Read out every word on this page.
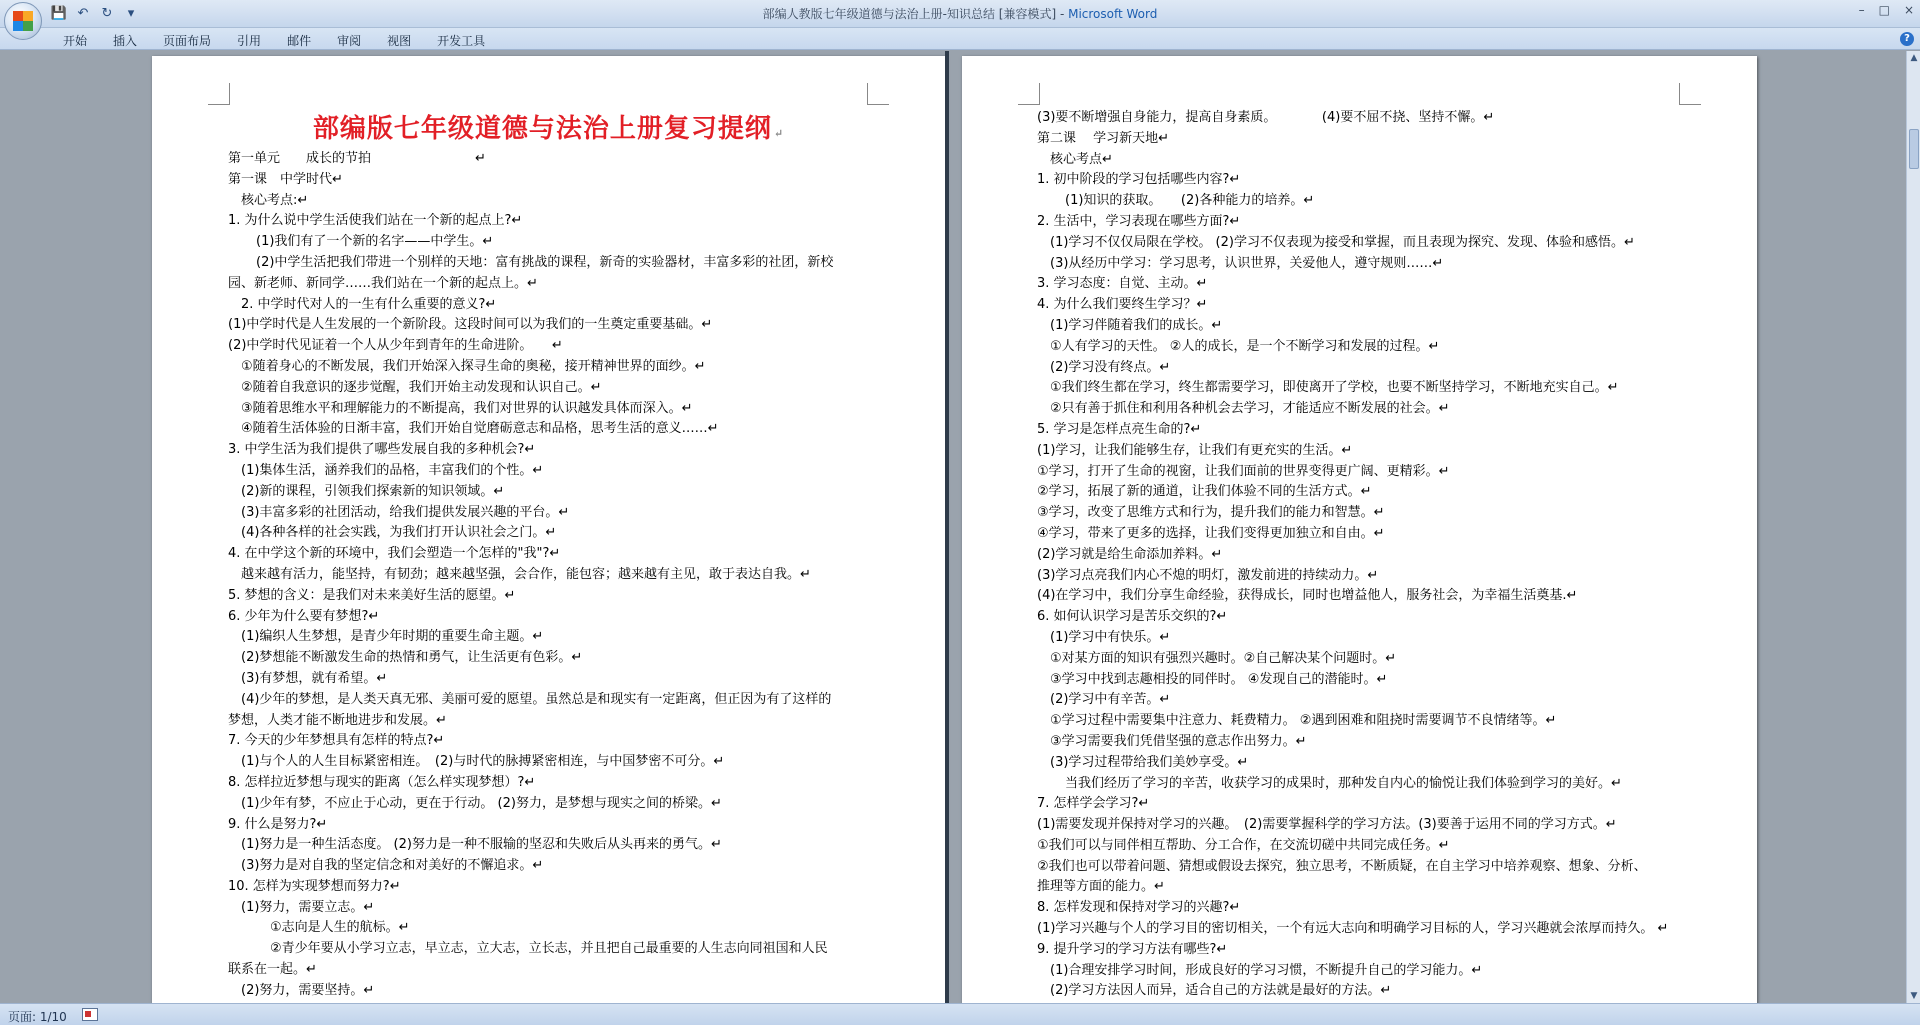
💾 ↶ ↻	▾	部编人教版七年级道德与法治上册-知识总结 [兼容模式] - Microsoft Word	– □ ×
开始	插入	页面布局	引用	邮件	审阅	视图	开发工具	?
部编版七年级道德与法治上册复习提纲 ↵
第一单元　　成长的节拍　　　　　　　　↵
第一课　中学时代↵
核心考点:↵
1. 为什么说中学生活使我们站在一个新的起点上?↵
(1)我们有了一个新的名字——中学生。↵
(2)中学生活把我们带进一个别样的天地：富有挑战的课程，新奇的实验器材，丰富多彩的社团，新校
园、新老师、新同学……我们站在一个新的起点上。↵
2. 中学时代对人的一生有什么重要的意义?↵
(1)中学时代是人生发展的一个新阶段。这段时间可以为我们的一生奠定重要基础。↵
(2)中学时代见证着一个人从少年到青年的生命进阶。　　↵
①随着身心的不断发展，我们开始深入探寻生命的奥秘，接开精神世界的面纱。↵
②随着自我意识的逐步觉醒，我们开始主动发现和认识自己。↵
③随着思维水平和理解能力的不断提高，我们对世界的认识越发具体而深入。↵
④随着生活体验的日渐丰富，我们开始自觉磨砺意志和品格，思考生活的意义……↵
3. 中学生活为我们提供了哪些发展自我的多种机会?↵
(1)集体生活，涵养我们的品格，丰富我们的个性。↵
(2)新的课程，引领我们探索新的知识领域。↵
(3)丰富多彩的社团活动，给我们提供发展兴趣的平台。↵
(4)各种各样的社会实践，为我们打开认识社会之门。↵
4. 在中学这个新的环境中，我们会塑造一个怎样的"我"?↵
越来越有活力，能坚持，有韧劲；越来越坚强，会合作，能包容；越来越有主见，敢于表达自我。↵
5. 梦想的含义：是我们对未来美好生活的愿望。↵
6. 少年为什么要有梦想?↵
(1)编织人生梦想，是青少年时期的重要生命主题。↵
(2)梦想能不断激发生命的热情和勇气，让生活更有色彩。↵
(3)有梦想，就有希望。↵
(4)少年的梦想，是人类天真无邪、美丽可爱的愿望。虽然总是和现实有一定距离，但正因为有了这样的
梦想，人类才能不断地进步和发展。↵
7. 今天的少年梦想具有怎样的特点?↵
(1)与个人的人生目标紧密相连。　(2)与时代的脉搏紧密相连，与中国梦密不可分。↵
8. 怎样拉近梦想与现实的距离（怎么样实现梦想）?↵
(1)少年有梦，不应止于心动，更在于行动。 (2)努力，是梦想与现实之间的桥梁。↵
9. 什么是努力?↵
(1)努力是一种生活态度。 (2)努力是一种不服输的坚忍和失败后从头再来的勇气。↵
(3)努力是对自我的坚定信念和对美好的不懈追求。↵
10. 怎样为实现梦想而努力?↵
(1)努力，需要立志。↵
①志向是人生的航标。↵
②青少年要从小学习立志，早立志，立大志，立长志，并且把自己最重要的人生志向同祖国和人民
联系在一起。↵
(2)努力，需要坚持。↵
(3)要不断增强自身能力，提高自身素质。　　　　(4)要不屈不挠、坚持不懈。↵
第二课　 学习新天地↵
核心考点↵
1. 初中阶段的学习包括哪些内容?↵
(1)知识的获取。　　(2)各种能力的培养。↵
2. 生活中，学习表现在哪些方面?↵
(1)学习不仅仅局限在学校。 (2)学习不仅表现为接受和掌握，而且表现为探究、发现、体验和感悟。↵
(3)从经历中学习：学习思考，认识世界，关爱他人，遵守规则……↵
3. 学习态度：自觉、主动。↵
4. 为什么我们要终生学习？↵
(1)学习伴随着我们的成长。↵
①人有学习的天性。 ②人的成长，是一个不断学习和发展的过程。↵
(2)学习没有终点。↵
①我们终生都在学习，终生都需要学习，即使离开了学校，也要不断坚持学习，不断地充实自己。↵
②只有善于抓住和利用各种机会去学习，才能适应不断发展的社会。↵
5. 学习是怎样点亮生命的?↵
(1)学习，让我们能够生存，让我们有更充实的生活。↵
①学习，打开了生命的视窗，让我们面前的世界变得更广阔、更精彩。↵
②学习，拓展了新的通道，让我们体验不同的生活方式。↵
③学习，改变了思维方式和行为，提升我们的能力和智慧。↵
④学习，带来了更多的选择，让我们变得更加独立和自由。↵
(2)学习就是给生命添加养料。↵
(3)学习点亮我们内心不熄的明灯，激发前进的持续动力。↵
(4)在学习中，我们分享生命经验，获得成长，同时也增益他人，服务社会，为幸福生活奠基.↵
6. 如何认识学习是苦乐交织的?↵
(1)学习中有快乐。↵
①对某方面的知识有强烈兴趣时。②自己解决某个问题时。↵
③学习中找到志趣相投的同伴时。 ④发现自己的潜能时。↵
(2)学习中有辛苦。↵
①学习过程中需要集中注意力、耗费精力。 ②遇到困难和阻挠时需要调节不良情绪等。↵
③学习需要我们凭借坚强的意志作出努力。↵
(3)学习过程带给我们美妙享受。↵
当我们经历了学习的辛苦，收获学习的成果时，那种发自内心的愉悦让我们体验到学习的美好。↵
7. 怎样学会学习?↵
(1)需要发现并保持对学习的兴趣。　(2)需要掌握科学的学习方法。(3)要善于运用不同的学习方式。↵
①我们可以与同伴相互帮助、分工合作，在交流切磋中共同完成任务。↵
②我们也可以带着问题、猜想或假设去探究，独立思考，不断质疑，在自主学习中培养观察、想象、分析、
推理等方面的能力。↵
8. 怎样发现和保持对学习的兴趣?↵
(1)学习兴趣与个人的学习目的密切相关，一个有远大志向和明确学习目标的人，学习兴趣就会浓厚而持久。 ↵
9. 提升学习的学习方法有哪些?↵
(1)合理安排学习时间，形成良好的学习习惯，不断提升自己的学习能力。↵
(2)学习方法因人而异，适合自己的方法就是最好的方法。↵
▲
▼
页面: 1/10
